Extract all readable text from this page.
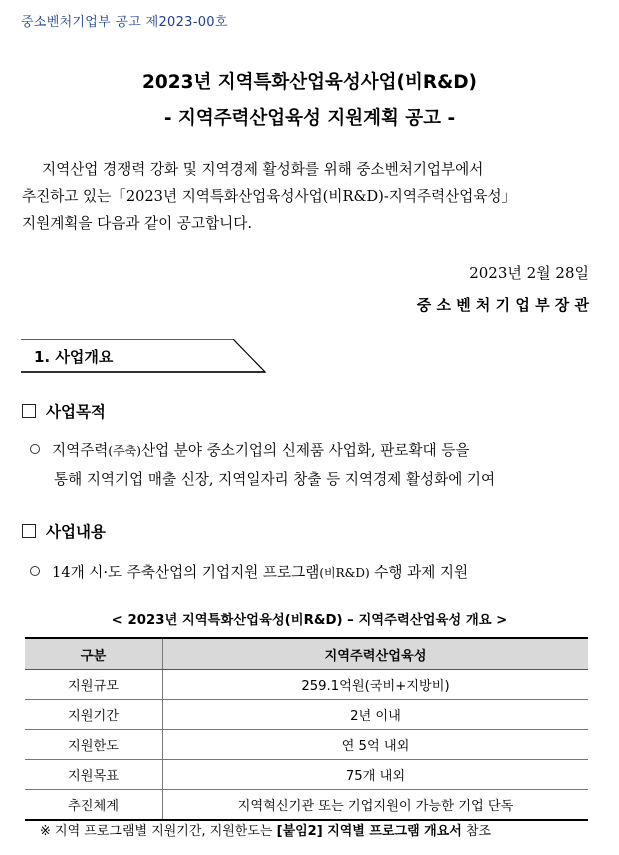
중소벤처기업부 공고 제2023-00호
2023년 지역특화산업육성사업(비R&D)
- 지역주력산업육성 지원계획 공고 -
지역산업 경쟁력 강화 및 지역경제 활성화를 위해 중소벤처기업부에서
추진하고 있는「2023년 지역특화산업육성사업(비R&D)-지역주력산업육성」
지원계획을 다음과 같이 공고합니다.
2023년 2월 28일
중 소 벤 처 기 업 부 장 관
1. 사업개요
사업목적
지역주력(주축)산업 분야 중소기업의 신제품 사업화, 판로확대 등을
통해 지역기업 매출 신장, 지역일자리 창출 등 지역경제 활성화에 기여
사업내용
14개 시·도 주축산업의 기업지원 프로그램(비R&D) 수행 과제 지원
< 2023년 지역특화산업육성(비R&D) – 지역주력산업육성 개요 >
구분	지역주력산업육성
지원규모	259.1억원(국비+지방비)
지원기간	2년 이내
지원한도	연 5억 내외
지원목표	75개 내외
추진체계	지역혁신기관 또는 기업지원이 가능한 기업 단독
※ 지역 프로그램별 지원기간, 지원한도는 [붙임2] 지역별 프로그램 개요서 참조
